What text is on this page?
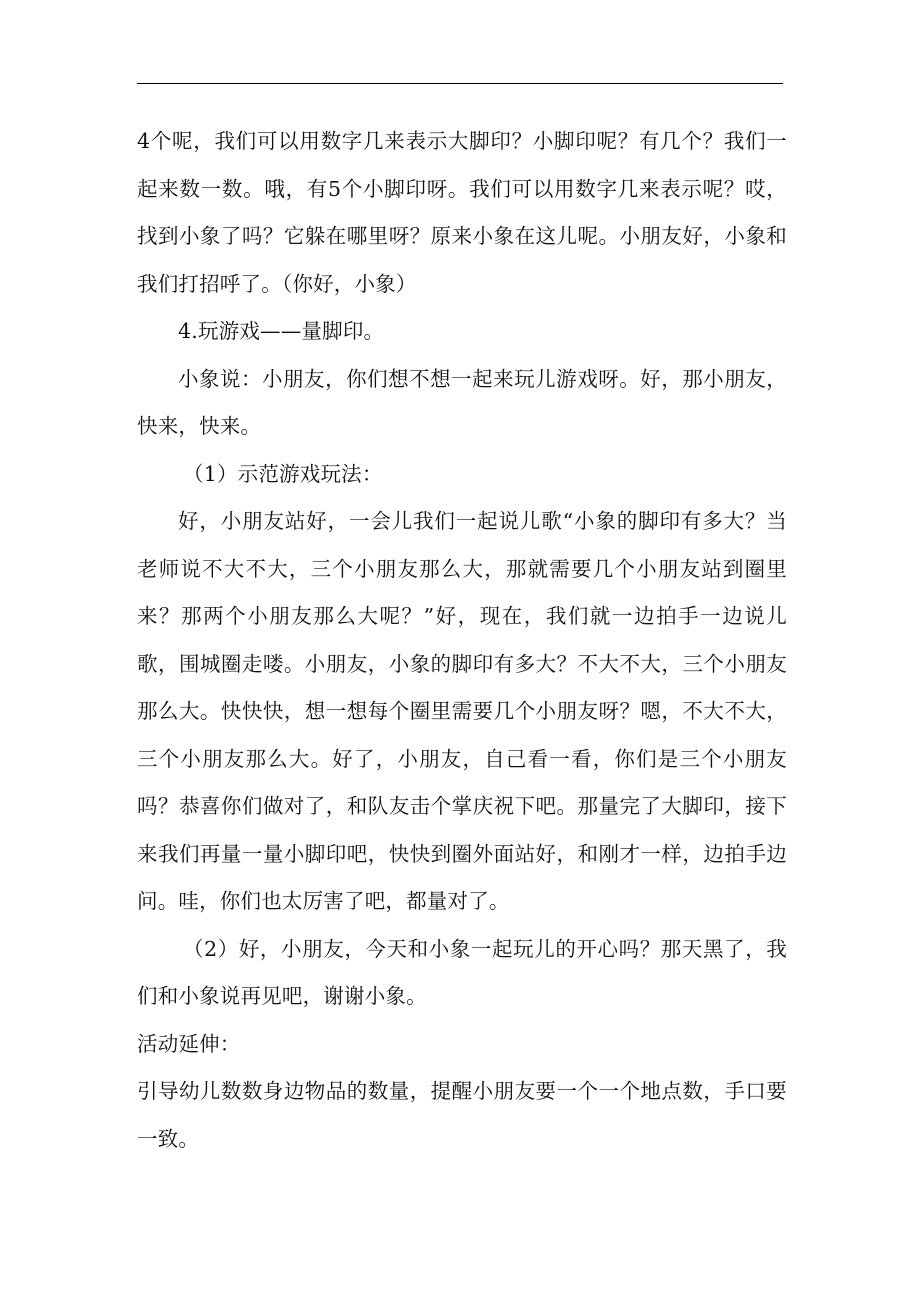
4个呢，我们可以用数字几来表示大脚印？小脚印呢？有几个？我们一起来数一数。哦，有5个小脚印呀。我们可以用数字几来表示呢？哎，找到小象了吗？它躲在哪里呀？原来小象在这儿呢。小朋友好，小象和我们打招呼了。（你好，小象）

4.玩游戏——量脚印。

小象说：小朋友，你们想不想一起来玩儿游戏呀。好，那小朋友，快来，快来。

（1）示范游戏玩法：

好，小朋友站好，一会儿我们一起说儿歌“小象的脚印有多大？当老师说不大不大，三个小朋友那么大，那就需要几个小朋友站到圈里来？那两个小朋友那么大呢？”好，现在，我们就一边拍手一边说儿歌，围城圈走喽。小朋友，小象的脚印有多大？不大不大，三个小朋友那么大。快快快，想一想每个圈里需要几个小朋友呀？嗯，不大不大，三个小朋友那么大。好了，小朋友，自己看一看，你们是三个小朋友吗？恭喜你们做对了，和队友击个掌庆祝下吧。那量完了大脚印，接下来我们再量一量小脚印吧，快快到圈外面站好，和刚才一样，边拍手边问。哇，你们也太厉害了吧，都量对了。

（2）好，小朋友，今天和小象一起玩儿的开心吗？那天黑了，我们和小象说再见吧，谢谢小象。

活动延伸：

引导幼儿数数身边物品的数量，提醒小朋友要一个一个地点数，手口要一致。
